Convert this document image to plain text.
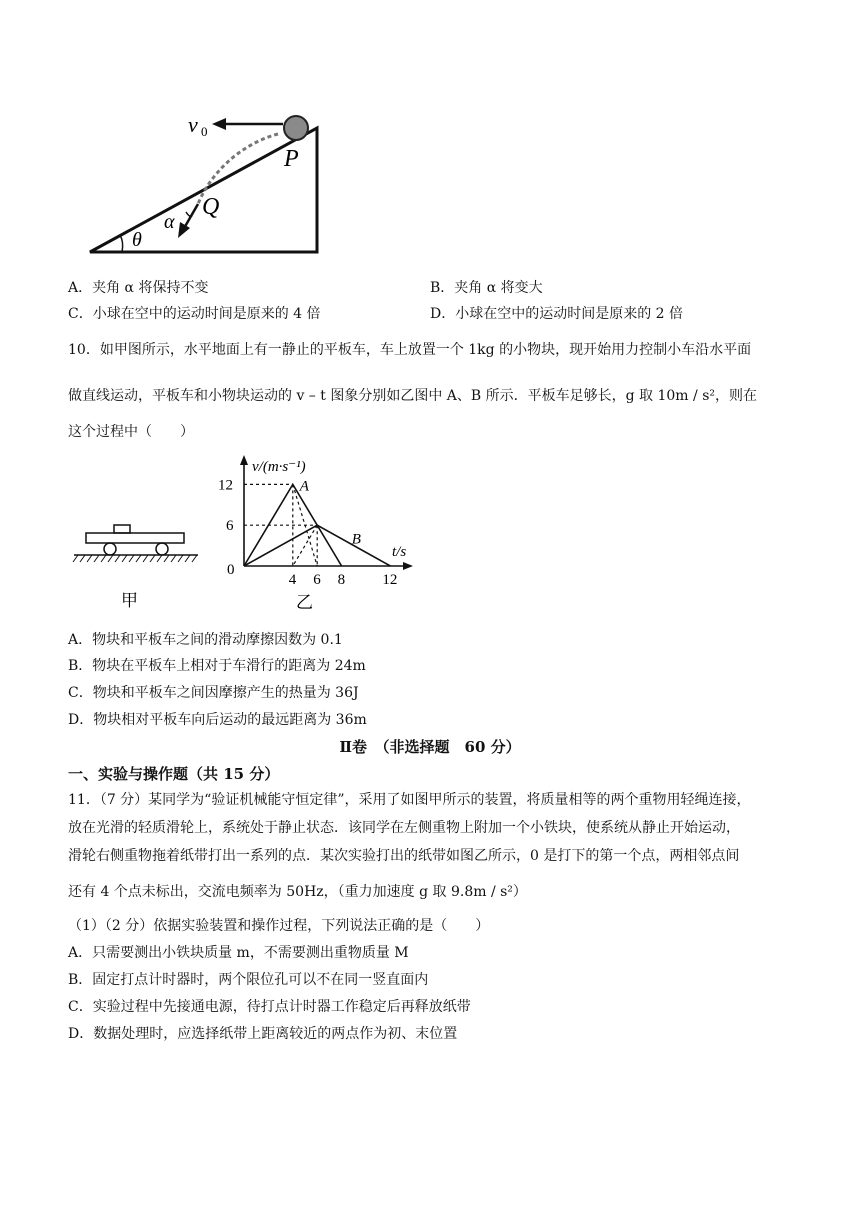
v 0
P
Q
α
θ
A．夹角 α 将保持不变	B．夹角 α 将变大
C．小球在空中的运动时间是原来的 4 倍	D．小球在空中的运动时间是原来的 2 倍
10．如甲图所示，水平地面上有一静止的平板车，车上放置一个 1kg 的小物块，现开始用力控制小车沿水平面
做直线运动，平板车和小物块运动的 v – t 图象分别如乙图中 A、B 所示．平板车足够长，g 取 10m / s²，则在
这个过程中（　　）
甲
v/(m·s⁻¹)
t/s
0
4 6 8 12
12
6
A
B
乙
A．物块和平板车之间的滑动摩擦因数为 0.1
B．物块在平板车上相对于车滑行的距离为 24m
C．物块和平板车之间因摩擦产生的热量为 36J
D．物块相对平板车向后运动的最远距离为 36m
Ⅱ卷　（非选择题　60 分）
一、实验与操作题（共 15 分）
11．（7 分）某同学为“验证机械能守恒定律”，采用了如图甲所示的装置，将质量相等的两个重物用轻绳连接，
放在光滑的轻质滑轮上，系统处于静止状态．该同学在左侧重物上附加一个小铁块，使系统从静止开始运动，
滑轮右侧重物拖着纸带打出一系列的点．某次实验打出的纸带如图乙所示，0 是打下的第一个点，两相邻点间
还有 4 个点未标出，交流电频率为 50Hz，（重力加速度 g 取 9.8m / s²）
（1）（2 分）依据实验装置和操作过程，下列说法正确的是（　　）
A．只需要测出小铁块质量 m，不需要测出重物质量 M
B．固定打点计时器时，两个限位孔可以不在同一竖直面内
C．实验过程中先接通电源，待打点计时器工作稳定后再释放纸带
D．数据处理时，应选择纸带上距离较近的两点作为初、末位置
